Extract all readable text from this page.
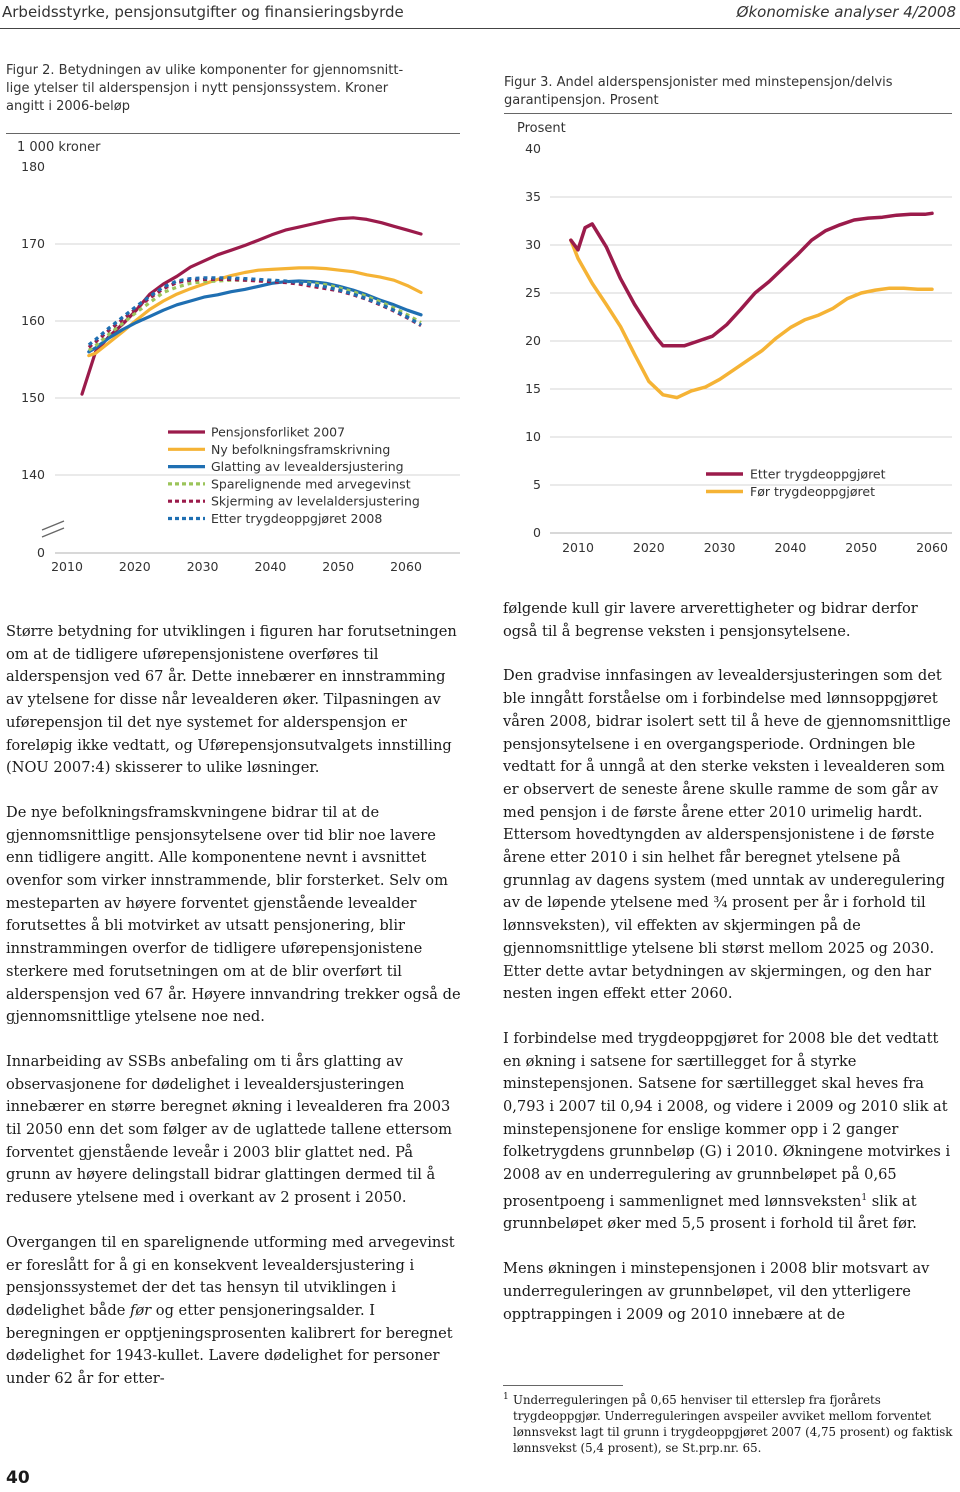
Arbeidsstyrke, pensjonsutgifter og finansieringsbyrde	Økonomiske analyser 4/2008
Figur 2. Betydningen av ulike komponenter for gjennomsnitt-
lige ytelser til alderspensjon i nytt pensjonssystem. Kroner
angitt i 2006-beløp
1 000 kroner
180
170
160
150
140
0
2010	2020	2030	2040	2050	2060
Pensjonsforliket 2007
Ny befolkningsframskrivning
Glatting av levealdersjustering
Sparelignende med arvegevinst
Skjerming av levelaldersjustering
Etter trygdeoppgjøret 2008
Figur 3. Andel alderspensjonister med minstepensjon/delvis
garantipensjon. Prosent
Prosent
40
35
30
25
20
15
10
5
0
2010	2020	2030	2040	2050	2060
Etter trygdeoppgjøret
Før trygdeoppgjøret

Større betydning for utviklingen i figuren har forutsetningen om at de tidligere uførepensjonistene overføres til alderspensjon ved 67 år. Dette innebærer en innstramming av ytelsene for disse når levealderen øker. Tilpasningen av uførepensjon til det nye systemet for alderspensjon er foreløpig ikke vedtatt, og Uførepensjonsutvalgets innstilling (NOU 2007:4) skisserer to ulike løsninger.

De nye befolkningsframskvningene bidrar til at de gjennomsnittlige pensjonsytelsene over tid blir noe lavere enn tidligere angitt. Alle komponentene nevnt i avsnittet ovenfor som virker innstrammende, blir forsterket. Selv om mesteparten av høyere forventet gjenstående levealder forutsettes å bli motvirket av utsatt pensjonering, blir innstrammingen overfor de tidligere uførepensjonistene sterkere med forutsetningen om at de blir overført til alderspensjon ved 67 år. Høyere innvandring trekker også de gjennomsnittlige ytelsene noe ned.

Innarbeiding av SSBs anbefaling om ti års glatting av observasjonene for dødelighet i levealdersjusteringen innebærer en større beregnet økning i levealderen fra 2003 til 2050 enn det som følger av de uglattede tallene ettersom forventet gjenstående leveår i 2003 blir glattet ned. På grunn av høyere delingstall bidrar glattingen dermed til å redusere ytelsene med i overkant av 2 prosent i 2050.

Overgangen til en sparelignende utforming med arvegevinst er foreslått for å gi en konsekvent levealdersjustering i pensjonssystemet der det tas hensyn til utviklingen i dødelighet både før og etter pensjoneringsalder. I beregningen er opptjeningsprosenten kalibrert for beregnet dødelighet for 1943-kullet. Lavere dødelighet for personer under 62 år for etter-

følgende kull gir lavere arverettigheter og bidrar derfor også til å begrense veksten i pensjonsytelsene.

Den gradvise innfasingen av levealdersjusteringen som det ble inngått forståelse om i forbindelse med lønnsoppgjøret våren 2008, bidrar isolert sett til å heve de gjennomsnittlige pensjonsytelsene i en overgangsperiode. Ordningen ble vedtatt for å unngå at den sterke veksten i levealderen som er observert de seneste årene skulle ramme de som går av med pensjon i de første årene etter 2010 urimelig hardt. Ettersom hovedtyngden av alderspensjonistene i de første årene etter 2010 i sin helhet får beregnet ytelsene på grunnlag av dagens system (med unntak av underegulering av de løpende ytelsene med ¾ prosent per år i forhold til lønnsveksten), vil effekten av skjermingen på de gjennomsnittlige ytelsene bli størst mellom 2025 og 2030. Etter dette avtar betydningen av skjermingen, og den har nesten ingen effekt etter 2060.

I forbindelse med trygdeoppgjøret for 2008 ble det vedtatt en økning i satsene for særtillegget for å styrke minstepensjonen. Satsene for særtillegget skal heves fra 0,793 i 2007 til 0,94 i 2008, og videre i 2009 og 2010 slik at minstepensjonene for enslige kommer opp i 2 ganger folketrygdens grunnbeløp (G) i 2010. Økningene motvirkes i 2008 av en underregulering av grunnbeløpet på 0,65 prosentpoeng i sammenlignet med lønnsveksten$^1$ slik at grunnbeløpet øker med 5,5 prosent i forhold til året før.

Mens økningen i minstepensjonen i 2008 blir motsvart av underreguleringen av grunnbeløpet, vil den ytterligere opptrappingen i 2009 og 2010 innebære at de

1 Underreguleringen på 0,65 henviser til etterslep fra fjorårets trygdeoppgjør. Underreguleringen avspeiler avviket mellom forventet lønnsvekst lagt til grunn i trygdeoppgjøret 2007 (4,75 prosent) og faktisk lønnsvekst (5,4 prosent), se St.prp.nr. 65.
40
